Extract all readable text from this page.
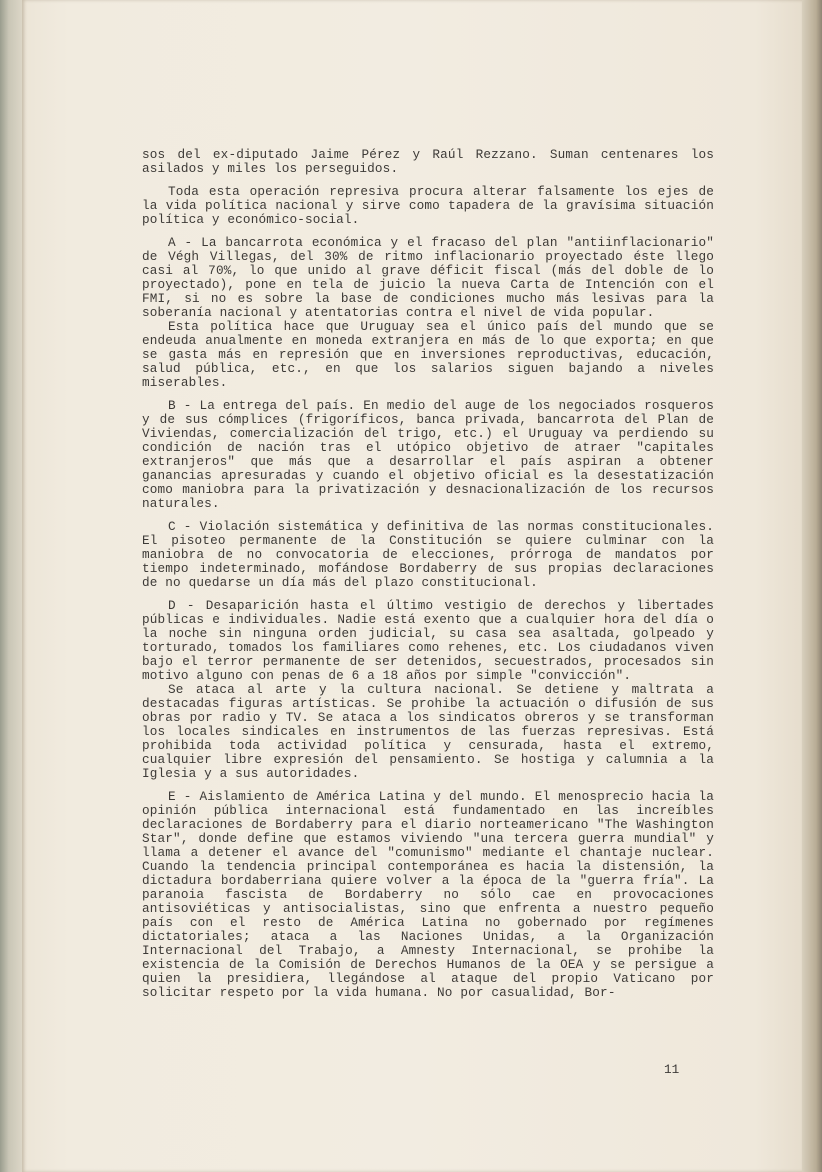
sos del ex-diputado Jaime Pérez y Raúl Rezzano. Suman centenares los asilados y miles los perseguidos.

Toda esta operación represiva procura alterar falsamente los ejes de la vida política nacional y sirve como tapadera de la gravísima situación política y económico-social.

A - La bancarrota económica y el fracaso del plan "antiinflacionario" de Végh Villegas, del 30% de ritmo inflacionario proyectado éste llego casi al 70%, lo que unido al grave déficit fiscal (más del doble de lo proyectado), pone en tela de juicio la nueva Carta de Intención con el FMI, si no es sobre la base de condiciones mucho más lesivas para la soberanía nacional y atentatorias contra el nivel de vida popular.

Esta política hace que Uruguay sea el único país del mundo que se endeuda anualmente en moneda extranjera en más de lo que exporta; en que se gasta más en represión que en inversiones reproductivas, educación, salud pública, etc., en que los salarios siguen bajando a niveles miserables.

B - La entrega del país. En medio del auge de los negociados rosqueros y de sus cómplices (frigoríficos, banca privada, bancarrota del Plan de Viviendas, comercialización del trigo, etc.) el Uruguay va perdiendo su condición de nación tras el utópico objetivo de atraer "capitales extranjeros" que más que a desarrollar el país aspiran a obtener ganancias apresuradas y cuando el objetivo oficial es la desestatización como maniobra para la privatización y desnacionalización de los recursos naturales.

C - Violación sistemática y definitiva de las normas constitucionales. El pisoteo permanente de la Constitución se quiere culminar con la maniobra de no convocatoria de elecciones, prórroga de mandatos por tiempo indeterminado, mofándose Bordaberry de sus propias declaraciones de no quedarse un día más del plazo constitucional.

D - Desaparición hasta el último vestigio de derechos y libertades públicas e individuales. Nadie está exento que a cualquier hora del día o la noche sin ninguna orden judicial, su casa sea asaltada, golpeado y torturado, tomados los familiares como rehenes, etc. Los ciudadanos viven bajo el terror permanente de ser detenidos, secuestrados, procesados sin motivo alguno con penas de 6 a 18 años por simple "convicción".

Se ataca al arte y la cultura nacional. Se detiene y maltrata a destacadas figuras artísticas. Se prohibe la actuación o difusión de sus obras por radio y TV. Se ataca a los sindicatos obreros y se transforman los locales sindicales en instrumentos de las fuerzas represivas. Está prohibida toda actividad política y censurada, hasta el extremo, cualquier libre expresión del pensamiento. Se hostiga y calumnia a la Iglesia y a sus autoridades.

E - Aislamiento de América Latina y del mundo. El menosprecio hacia la opinión pública internacional está fundamentado en las increíbles declaraciones de Bordaberry para el diario norteamericano "The Washington Star", donde define que estamos viviendo "una tercera guerra mundial" y llama a detener el avance del "comunismo" mediante el chantaje nuclear. Cuando la tendencia principal contemporánea es hacia la distensión, la dictadura bordaberriana quiere volver a la época de la "guerra fría". La paranoia fascista de Bordaberry no sólo cae en provocaciones antisoviéticas y antisocialistas, sino que enfrenta a nuestro pequeño país con el resto de América Latina no gobernado por regímenes dictatoriales; ataca a las Naciones Unidas, a la Organización Internacional del Trabajo, a Amnesty Internacional, se prohibe la existencia de la Comisión de Derechos Humanos de la OEA y se persigue a quien la presidiera, llegándose al ataque del propio Vaticano por solicitar respeto por la vida humana. No por casualidad, Bor-

11
